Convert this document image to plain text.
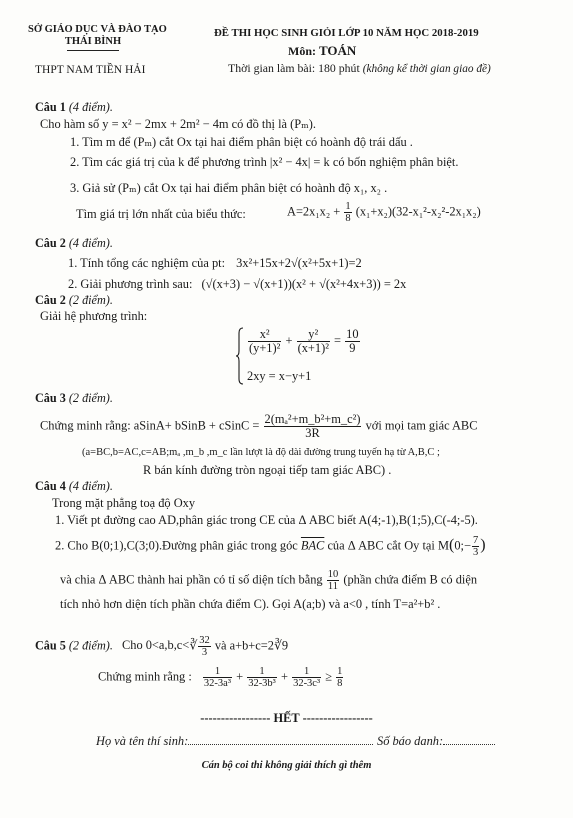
SỞ GIÁO DỤC VÀ ĐÀO TẠO
THÁI BÌNH
THPT NAM TIỀN HẢI
ĐỀ THI HỌC SINH GIỎI LỚP 10 NĂM HỌC 2018-2019
Môn: TOÁN
Thời gian làm bài: 180 phút (không kể thời gian giao đề)
Câu 1 (4 điểm).
Cho hàm số y = x² − 2mx + 2m² − 4m có đồ thị là (Pₘ).
1. Tìm m để (Pₘ) cắt Ox tại hai điểm phân biệt có hoành độ trái dấu .
2. Tìm các giá trị của k để phương trình |x² − 4x| = k có bốn nghiệm phân biệt.
3. Giả sử (Pₘ) cắt Ox tại hai điểm phân biệt có hoành độ x₁, x₂ .
Tìm giá trị lớn nhất của biểu thức:	$A=2x_1x_2 + \frac{1}{8} (x_1+x_2)(32-x_1^2-x_2^2-2x_1x_2)$
Câu 2 (4 điểm).
1. Tính tổng các nghiệm của pt: 3x²+15x+2√(x²+5x+1)=2
2. Giải phương trình sau: (√(x+3) − √(x+1))(x² + √(x²+4x+3)) = 2x
Câu 2 (2 điểm).
Giải hệ phương trình:
$\frac{\text{x²}}{\text{(y+1)²}} + \frac{\text{y²}}{\text{(x+1)²}} = \frac{10}{9}$
2xy = x−y+1
Câu 3 (2 điểm).
Chứng minh rằng: aSinA+ bSinB + cSinC = $\frac{\text{2(mₐ²+m\_b²+m\_c²)}}{3R}$ với mọi tam giác ABC
(a=BC,b=AC,c=AB;mₐ ,m_b ,m_c lần lượt là độ dài đường trung tuyến hạ từ A,B,C ;
R bán kính đường tròn ngoại tiếp tam giác ABC) .
Câu 4 (4 điểm).
Trong mặt phẳng toạ độ Oxy
1. Viết pt đường cao AD,phân giác trong CE của Δ ABC biết A(4;-1),B(1;5),C(-4;-5).
2. Cho B(0;1),C(3;0).Đường phân giác trong góc $\overline{BAC}$ của Δ ABC cắt Oy tại M(0;− $\frac{7}{3}$ )
và chia Δ ABC thành hai phần có tỉ số diện tích bằng $\frac{10}{11}$ (phần chứa điểm B có diện
tích nhỏ hơn diện tích phần chứa điểm C). Gọi A(a;b) và a<0 , tính T=a²+b² .
Câu 5 (2 điểm). Cho 0<a,b,c<∛ $\frac{32}{3}$ và a+b+c=2∛9
Chứng minh rằng : $\frac{1}{\text{32-3a³}} + \frac{1}{\text{32-3b³}} + \frac{1}{\text{32-3c³}} \ge \frac{1}{8}$
----------------- HẾT -----------------
Họ và tên thí sinh:	Số báo danh:
Cán bộ coi thi không giải thích gì thêm
